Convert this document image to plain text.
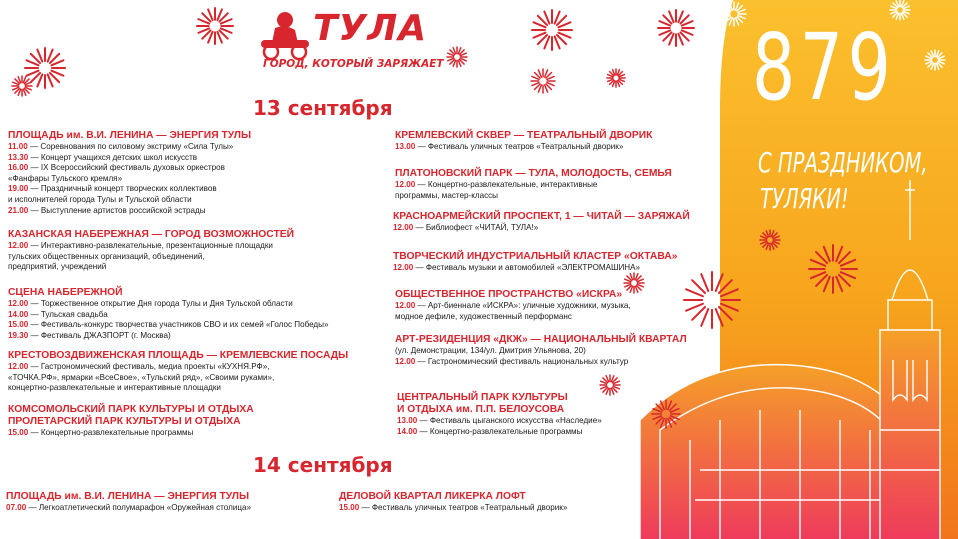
ТУЛА
ГОРОД, КОТОРЫЙ ЗАРЯЖАЕТ
13 сентября
ПЛОЩАДЬ им. В.И. ЛЕНИНА — ЭНЕРГИЯ ТУЛЫ
11.00 — Соревнования по силовому экстриму «Сила Тулы»
13.30 — Концерт учащихся детских школ искусств
16.00 — IX Всероссийский фестиваль духовых оркестров
«Фанфары Тульского кремля»
19.00 — Праздничный концерт творческих коллективов
и исполнителей города Тулы и Тульской области
21.00 — Выступление артистов российской эстрады
КАЗАНСКАЯ НАБЕРЕЖНАЯ — ГОРОД ВОЗМОЖНОСТЕЙ
12.00 — Интерактивно-развлекательные, презентационные площадки
тульских общественных организаций, объединений,
предприятий, учреждений
СЦЕНА НАБЕРЕЖНОЙ
12.00 — Торжественное открытие Дня города Тулы и Дня Тульской области
14.00 — Тульская свадьба
15.00 — Фестиваль-конкурс творчества участников СВО и их семей «Голос Победы»
19.30 — Фестиваль ДЖАЗПОРТ (г. Москва)
КРЕСТОВОЗДВИЖЕНСКАЯ ПЛОЩАДЬ — КРЕМЛЕВСКИЕ ПОСАДЫ
12.00 — Гастрономический фестиваль, медиа проекты «КУХНЯ.РФ»,
«ТОЧКА.РФ», ярмарки «ВсеСвое», «Тульский ряд», «Своими руками»,
концертно-развлекательные и интерактивные площадки
КОМСОМОЛЬСКИЙ ПАРК КУЛЬТУРЫ И ОТДЫХА
ПРОЛЕТАРСКИЙ ПАРК КУЛЬТУРЫ И ОТДЫХА
15.00 — Концертно-развлекательные программы
КРЕМЛЕВСКИЙ СКВЕР — ТЕАТРАЛЬНЫЙ ДВОРИК
13.00 — Фестиваль уличных театров «Театральный дворик»
ПЛАТОНОВСКИЙ ПАРК — ТУЛА, МОЛОДОСТЬ, СЕМЬЯ
12.00 — Концертно-развлекательные, интерактивные
программы, мастер-классы
КРАСНОАРМЕЙСКИЙ ПРОСПЕКТ, 1 — ЧИТАЙ — ЗАРЯЖАЙ
12.00 — Библиофест «ЧИТАЙ, ТУЛА!»
ТВОРЧЕСКИЙ ИНДУСТРИАЛЬНЫЙ КЛАСТЕР «ОКТАВА»
12.00 — Фестиваль музыки и автомобилей «ЭЛЕКТРОМАШИНА»
ОБЩЕСТВЕННОЕ ПРОСТРАНСТВО «ИСКРА»
12.00 — Арт-биеннале «ИСКРА»: уличные художники, музыка,
модное дефиле, художественный перформанс
АРТ-РЕЗИДЕНЦИЯ «ДКЖ» — НАЦИОНАЛЬНЫЙ КВАРТАЛ
(ул. Демонстрации, 134/ул. Дмитрия Ульянова, 20)
12.00 — Гастрономический фестиваль национальных культур
ЦЕНТРАЛЬНЫЙ ПАРК КУЛЬТУРЫ
И ОТДЫХА им. П.П. БЕЛОУСОВА
13.00 — Фестиваль цыганского искусства «Наследие»
14.00 — Концертно-развлекательные программы
14 сентября
ПЛОЩАДЬ им. В.И. ЛЕНИНА — ЭНЕРГИЯ ТУЛЫ
07.00 — Легкоатлетический полумарафон «Оружейная столица»
ДЕЛОВОЙ КВАРТАЛ ЛИКЕРКА ЛОФТ
15.00 — Фестиваль уличных театров «Театральный дворик»
879
С ПРАЗДНИКОМ,
ТУЛЯКИ!
